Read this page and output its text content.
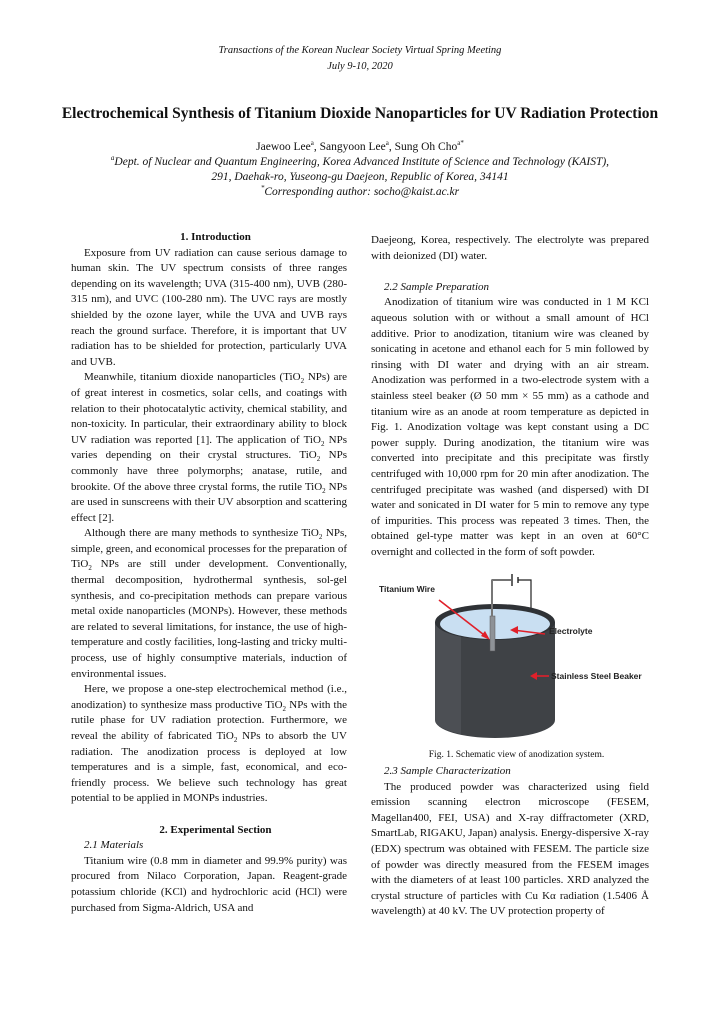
Transactions of the Korean Nuclear Society Virtual Spring Meeting
July 9-10, 2020
Electrochemical Synthesis of Titanium Dioxide Nanoparticles for UV Radiation Protection
Jaewoo Lee$^a$, Sangyoon Lee$^a$, Sung Oh Cho$^{a*}$
$^a$Dept. of Nuclear and Quantum Engineering, Korea Advanced Institute of Science and Technology (KAIST),
291, Daehak-ro, Yuseong-gu Daejeon, Republic of Korea, 34141
*Corresponding author: socho@kaist.ac.kr

1. Introduction

Exposure from UV radiation can cause serious damage to human skin. The UV spectrum consists of three ranges depending on its wavelength; UVA (315-400 nm), UVB (280-315 nm), and UVC (100-280 nm). The UVC rays are mostly shielded by the ozone layer, while the UVA and UVB rays reach the ground surface. Therefore, it is important that UV radiation has to be shielded for protection, particularly UVA and UVB.

Meanwhile, titanium dioxide nanoparticles (TiO$_2$ NPs) are of great interest in cosmetics, solar cells, and coatings with relation to their photocatalytic activity, chemical stability, and non-toxicity. In particular, their extraordinary ability to block UV radiation was reported [1]. The application of TiO$_2$ NPs varies depending on their crystal structures. TiO$_2$ NPs commonly have three polymorphs; anatase, rutile, and brookite. Of the above three crystal forms, the rutile TiO$_2$ NPs are used in sunscreens with their UV absorption and scattering effect [2].

Although there are many methods to synthesize TiO$_2$ NPs, simple, green, and economical processes for the preparation of TiO$_2$ NPs are still under development. Conventionally, thermal decomposition, hydrothermal synthesis, sol-gel synthesis, and co-precipitation methods can prepare various metal oxide nanoparticles (MONPs). However, these methods are related to several limitations, for instance, the use of high-temperature and costly facilities, long-lasting and tricky multi-process, use of highly consumptive materials, induction of environmental issues.

Here, we propose a one-step electrochemical method (i.e., anodization) to synthesize mass productive TiO$_2$ NPs with the rutile phase for UV radiation protection. Furthermore, we reveal the ability of fabricated TiO$_2$ NPs to absorb the UV radiation. The anodization process is deployed at low temperatures and is a simple, fast, economical, and eco-friendly process. We believe such technology has great potential to be applied in MONPs industries.

2. Experimental Section

2.1 Materials

Titanium wire (0.8 mm in diameter and 99.9% purity) was procured from Nilaco Corporation, Japan. Reagent-grade potassium chloride (KCl) and hydrochloric acid (HCl) were purchased from Sigma-Aldrich, USA and

Daejeong, Korea, respectively. The electrolyte was prepared with deionized (DI) water.

2.2 Sample Preparation

Anodization of titanium wire was conducted in 1 M KCl aqueous solution with or without a small amount of HCl additive. Prior to anodization, titanium wire was cleaned by sonicating in acetone and ethanol each for 5 min followed by rinsing with DI water and drying with an air stream. Anodization was performed in a two-electrode system with a stainless steel beaker (Ø 50 mm × 55 mm) as a cathode and titanium wire as an anode at room temperature as depicted in Fig. 1. Anodization voltage was kept constant using a DC power supply. During anodization, the titanium wire was converted into precipitate and this precipitate was firstly centrifuged with 10,000 rpm for 20 min after anodization. The centrifuged precipitate was washed (and dispersed) with DI water and sonicated in DI water for 5 min to remove any type of impurities. This process was repeated 3 times. Then, the obtained gel-type matter was kept in an oven at 60°C overnight and collected in the form of soft powder.

Titanium Wire
Electrolyte
Stainless Steel Beaker

Fig. 1. Schematic view of anodization system.

2.3 Sample Characterization

The produced powder was characterized using field emission scanning electron microscope (FESEM, Magellan400, FEI, USA) and X-ray diffractometer (XRD, SmartLab, RIGAKU, Japan) analysis. Energy-dispersive X-ray (EDX) spectrum was obtained with FESEM. The particle size of powder was directly measured from the FESEM images with the diameters of at least 100 particles. XRD analyzed the crystal structure of particles with Cu Kα radiation (1.5406 Å wavelength) at 40 kV. The UV protection property of
